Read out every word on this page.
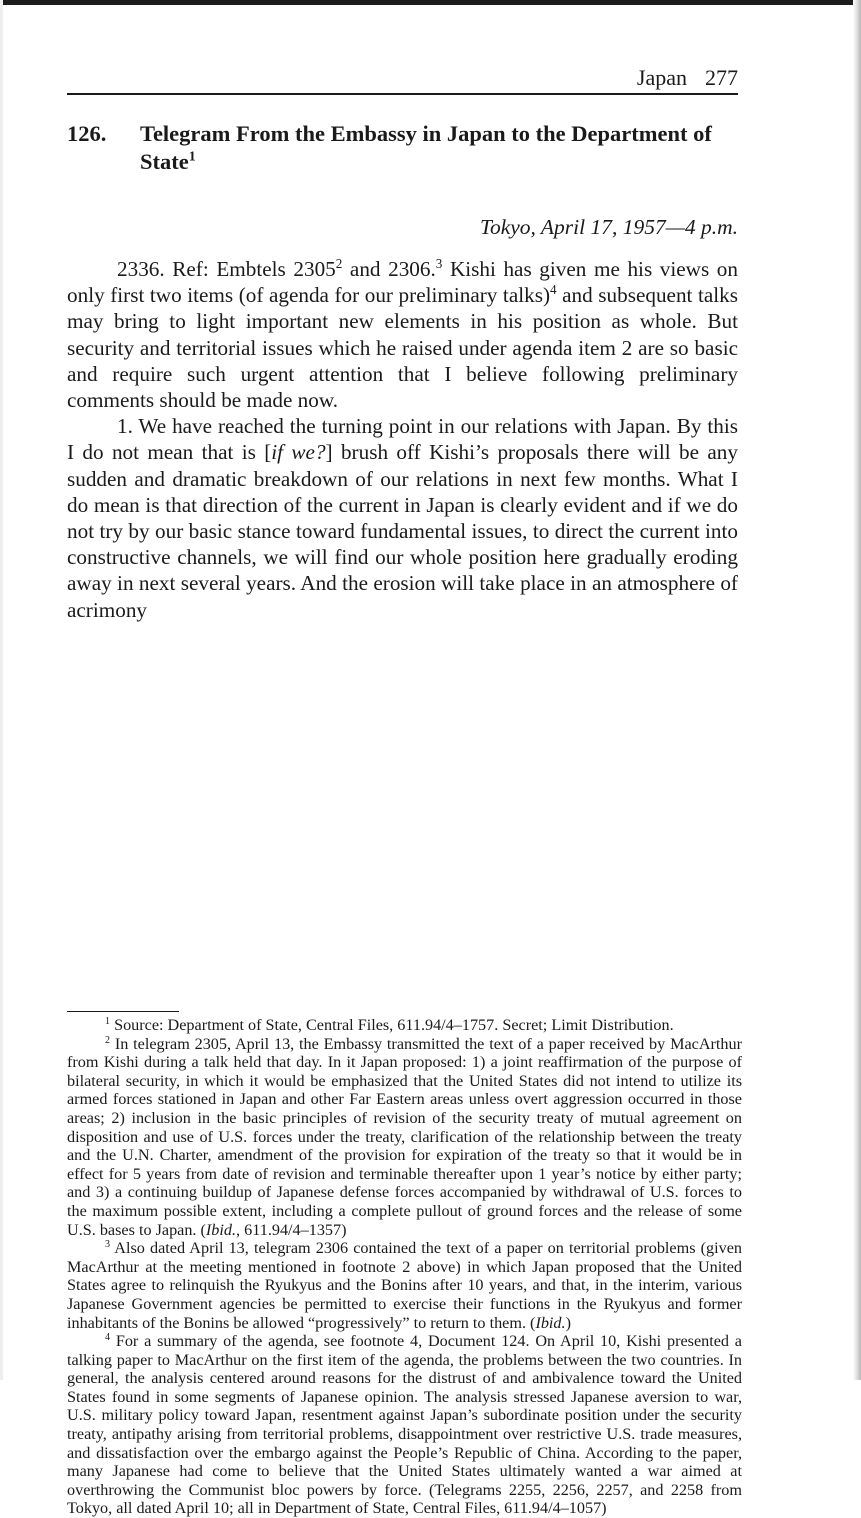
Japan 277
126. Telegram From the Embassy in Japan to the Department of State$^1$
Tokyo, April 17, 1957—4 p.m.

2336. Ref: Embtels 2305$^2$ and 2306.$^3$ Kishi has given me his views on only first two items (of agenda for our preliminary talks)$^4$ and subsequent talks may bring to light important new elements in his position as whole. But security and territorial issues which he raised under agenda item 2 are so basic and require such urgent attention that I believe following preliminary comments should be made now.

1. We have reached the turning point in our relations with Japan. By this I do not mean that is [if we?] brush off Kishi’s proposals there will be any sudden and dramatic breakdown of our relations in next few months. What I do mean is that direction of the current in Japan is clearly evident and if we do not try by our basic stance toward fundamental issues, to direct the current into constructive channels, we will find our whole position here gradually eroding away in next several years. And the erosion will take place in an atmosphere of acrimony

$^1$ Source: Department of State, Central Files, 611.94/4–1757. Secret; Limit Distribution.

$^2$ In telegram 2305, April 13, the Embassy transmitted the text of a paper received by MacArthur from Kishi during a talk held that day. In it Japan proposed: 1) a joint reaffirmation of the purpose of bilateral security, in which it would be emphasized that the United States did not intend to utilize its armed forces stationed in Japan and other Far Eastern areas unless overt aggression occurred in those areas; 2) inclusion in the basic principles of revision of the security treaty of mutual agreement on disposition and use of U.S. forces under the treaty, clarification of the relationship between the treaty and the U.N. Charter, amendment of the provision for expiration of the treaty so that it would be in effect for 5 years from date of revision and terminable thereafter upon 1 year’s notice by either party; and 3) a continuing buildup of Japanese defense forces accompanied by withdrawal of U.S. forces to the maximum possible extent, including a complete pullout of ground forces and the release of some U.S. bases to Japan. (Ibid., 611.94/4–1357)

$^3$ Also dated April 13, telegram 2306 contained the text of a paper on territorial problems (given MacArthur at the meeting mentioned in footnote 2 above) in which Japan proposed that the United States agree to relinquish the Ryukyus and the Bonins after 10 years, and that, in the interim, various Japanese Government agencies be permitted to exercise their functions in the Ryukyus and former inhabitants of the Bonins be allowed “progressively” to return to them. (Ibid.)

$^4$ For a summary of the agenda, see footnote 4, Document 124. On April 10, Kishi presented a talking paper to MacArthur on the first item of the agenda, the problems between the two countries. In general, the analysis centered around reasons for the distrust of and ambivalence toward the United States found in some segments of Japanese opinion. The analysis stressed Japanese aversion to war, U.S. military policy toward Japan, resentment against Japan’s subordinate position under the security treaty, antipathy arising from territorial problems, disappointment over restrictive U.S. trade measures, and dissatisfaction over the embargo against the People’s Republic of China. According to the paper, many Japanese had come to believe that the United States ultimately wanted a war aimed at overthrowing the Communist bloc powers by force. (Telegrams 2255, 2256, 2257, and 2258 from Tokyo, all dated April 10; all in Department of State, Central Files, 611.94/4–1057)
